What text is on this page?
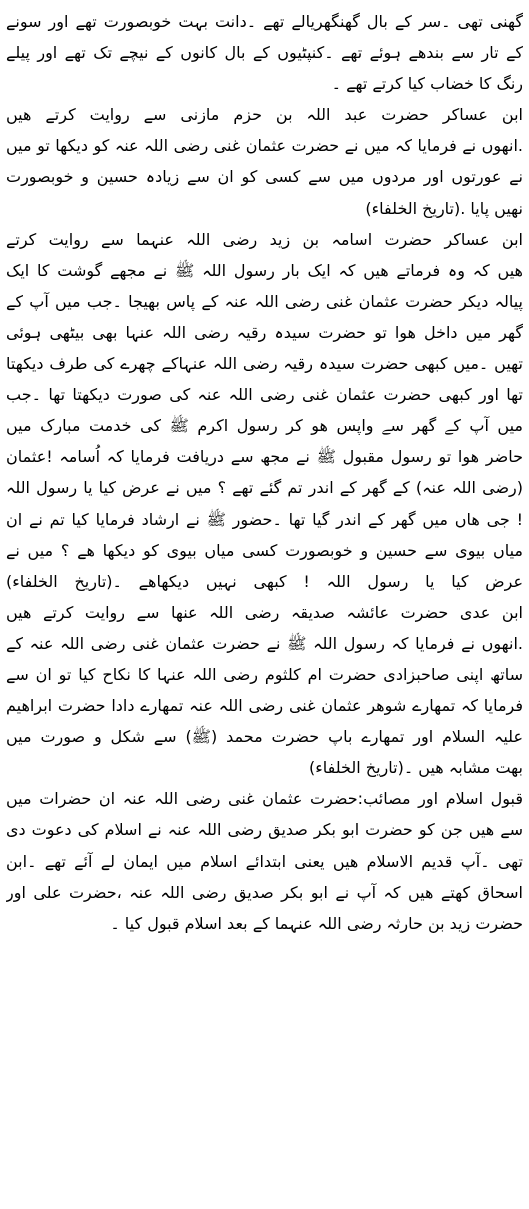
گھنی تھی ۔سر کے بال گھنگھریالے تھے ۔دانت بہت خوبصورت تھے اور سونے
کے تار سے بندھے ہوئے تھے ۔کنپٹیوں کے بال کانوں کے نیچے تک تھے اور پیلے
رنگ کا خضاب کیا کرتے تھے ۔
ابن عساکر حضرت عبد اللہ بن حزم مازنی سے روایت کرتے ھیں
.انھوں نے فرمایا کہ میں نے حضرت عثمان غنی رضی اللہ عنہ کو دیکھا تو میں
نے عورتوں اور مردوں میں سے کسی کو ان سے زیادہ حسین و خوبصورت
نھیں پایا .(تاریخ الخلفاء)
ابن عساکر حضرت اسامہ بن زید رضی اللہ عنہما سے روایت کرتے
ھیں کہ وہ فرماتے ھیں کہ ایک بار رسول اللہ ﷺ نے مجھے گوشت کا ایک
پیالہ دیکر حضرت عثمان غنی رضی اللہ عنہ کے پاس بھیجا ۔جب میں آپ کے
گھر میں داخل ھوا تو حضرت سیدہ رقیہ رضی اللہ عنہا بھی بیٹھی ہوئی
تھیں ۔میں کبھی حضرت سیدہ رقیہ رضی اللہ عنہاکے چھرے کی طرف دیکھتا
تھا اور کبھی حضرت عثمان غنی رضی اللہ عنہ کی صورت دیکھتا تھا ۔جب
میں آپ کے گھر سے واپس ھو کر رسول اکرم ﷺ کی خدمت مبارک میں
حاضر ھوا تو رسول مقبول ﷺ نے مجھ سے دریافت فرمایا کہ اُسامہ !عثمان
(رضی اللہ عنہ) کے گھر کے اندر تم گئے تھے ؟ میں نے عرض کیا یا رسول اللہ
! جی ھاں میں گھر کے اندر گیا تھا ۔حضور ﷺ نے ارشاد فرمایا کیا تم نے ان
میاں بیوی سے حسین و خوبصورت کسی میاں بیوی کو دیکھا ھے ؟ میں نے
عرض کیا یا رسول اللہ ! کبھی نہیں دیکھاھے ۔(تاریخ الخلفاء)
ابن عدی حضرت عائشہ صدیقہ رضی اللہ عنھا سے روایت کرتے ھیں
.انھوں نے فرمایا کہ رسول اللہ ﷺ نے حضرت عثمان غنی رضی اللہ عنہ کے
ساتھ اپنی صاحبزادی حضرت ام کلثوم رضی اللہ عنہا کا نکاح کیا تو ان سے
فرمایا کہ تمھارے شوھر عثمان غنی رضی اللہ عنہ تمھارے دادا حضرت ابراھیم
علیہ السلام اور تمھارے باپ حضرت محمد (ﷺ) سے شکل و صورت میں
بھت مشابہ ھیں ۔(تاریخ الخلفاء)
قبول اسلام اور مصائب:حضرت عثمان غنی رضی اللہ عنہ ان حضرات میں
سے ھیں جن کو حضرت ابو بکر صدیق رضی اللہ عنہ نے اسلام کی دعوت دی
تھی ۔آپ قدیم الاسلام ھیں یعنی ابتدائے اسلام میں ایمان لے آئے تھے ۔ابن
اسحاق کھتے ھیں کہ آپ نے ابو بکر صدیق رضی اللہ عنہ ،حضرت علی اور
حضرت زید بن حارثہ رضی اللہ عنہما کے بعد اسلام قبول کیا ۔
